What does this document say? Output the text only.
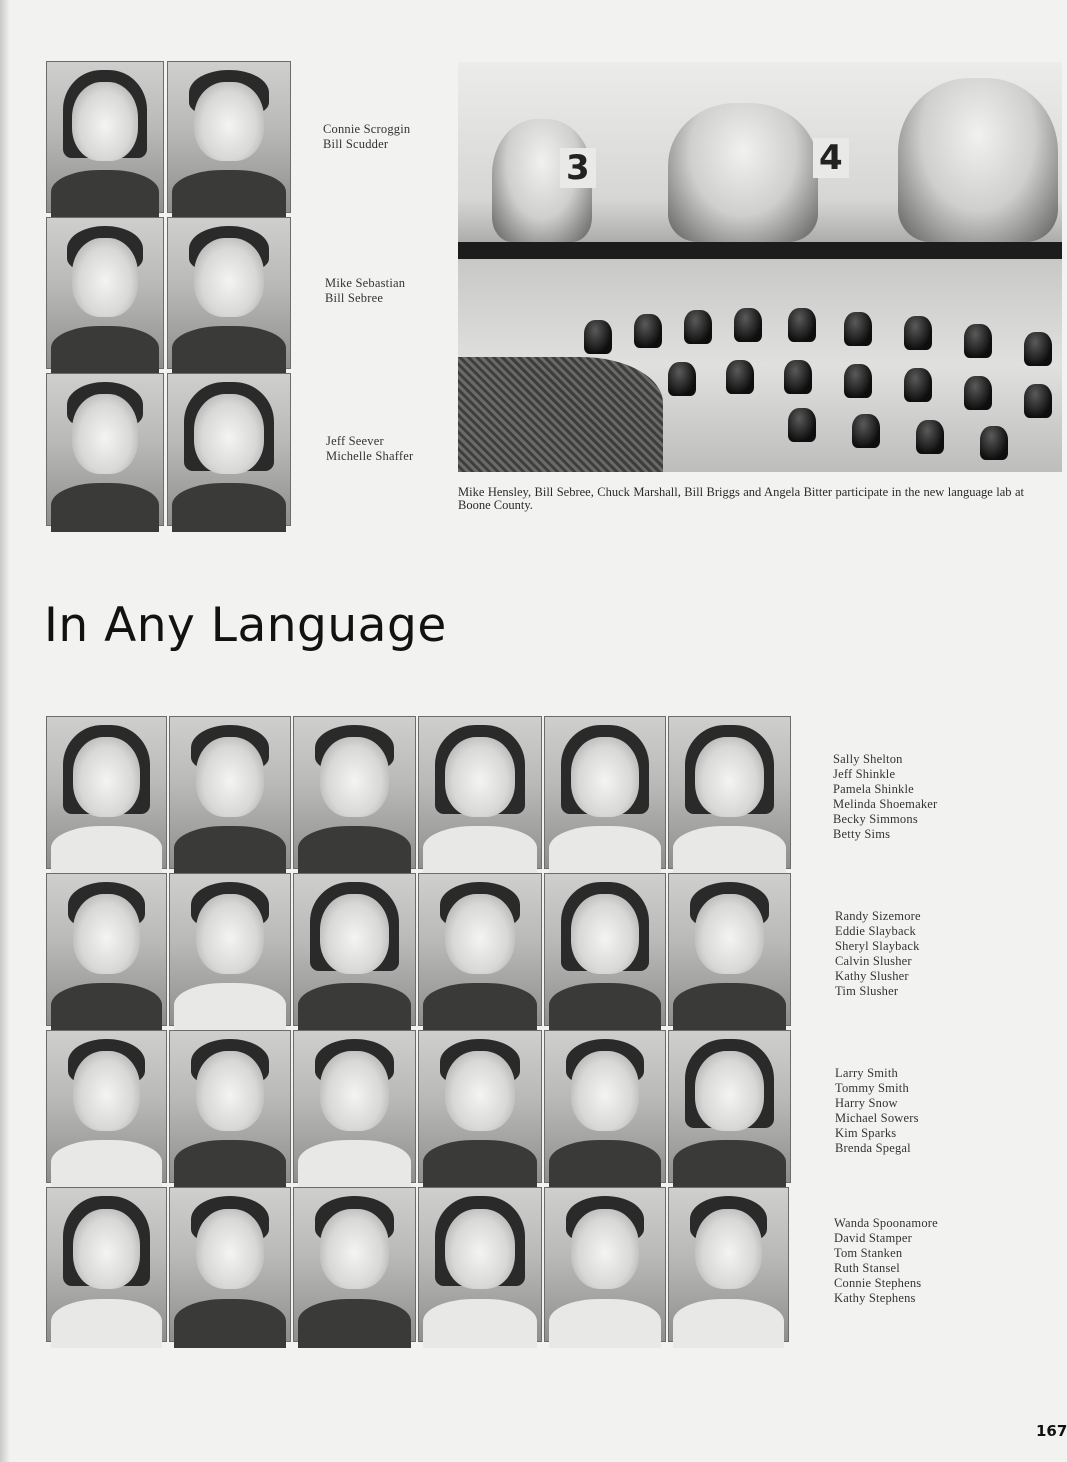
Connie Scroggin
Bill Scudder
Mike Sebastian
Bill Sebree
Jeff Seever
Michelle Shaffer
3	4
Mike Hensley, Bill Sebree, Chuck Marshall, Bill Briggs and Angela Bitter participate in the new language lab at Boone County.
In Any Language
Sally Shelton
Jeff Shinkle
Pamela Shinkle
Melinda Shoemaker
Becky Simmons
Betty Sims
Randy Sizemore
Eddie Slayback
Sheryl Slayback
Calvin Slusher
Kathy Slusher
Tim Slusher
Larry Smith
Tommy Smith
Harry Snow
Michael Sowers
Kim Sparks
Brenda Spegal
Wanda Spoonamore
David Stamper
Tom Stanken
Ruth Stansel
Connie Stephens
Kathy Stephens
167
